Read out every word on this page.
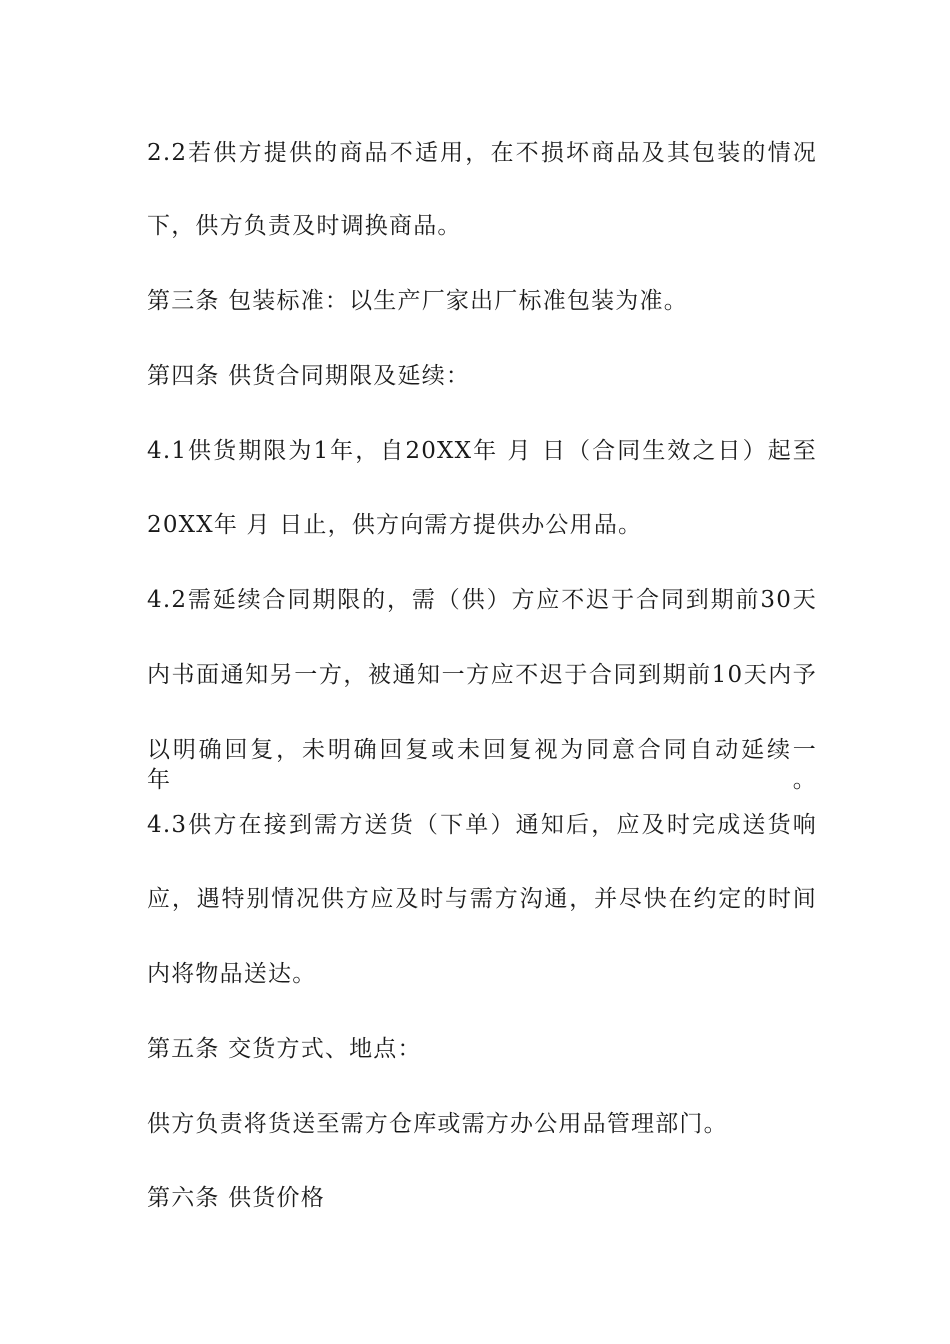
2.2若供方提供的商品不适用，在不损坏商品及其包装的情况
下，供方负责及时调换商品。
第三条 包装标准：以生产厂家出厂标准包装为准。
第四条 供货合同期限及延续：
4.1供货期限为1年，自20XX年 月 日（合同生效之日）起至
20XX年 月 日止，供方向需方提供办公用品。
4.2需延续合同期限的，需（供）方应不迟于合同到期前30天
内书面通知另一方，被通知一方应不迟于合同到期前10天内予
以明确回复，未明确回复或未回复视为同意合同自动延续一年。
4.3供方在接到需方送货（下单）通知后，应及时完成送货响
应，遇特别情况供方应及时与需方沟通，并尽快在约定的时间
内将物品送达。
第五条 交货方式、地点：
供方负责将货送至需方仓库或需方办公用品管理部门。
第六条 供货价格
